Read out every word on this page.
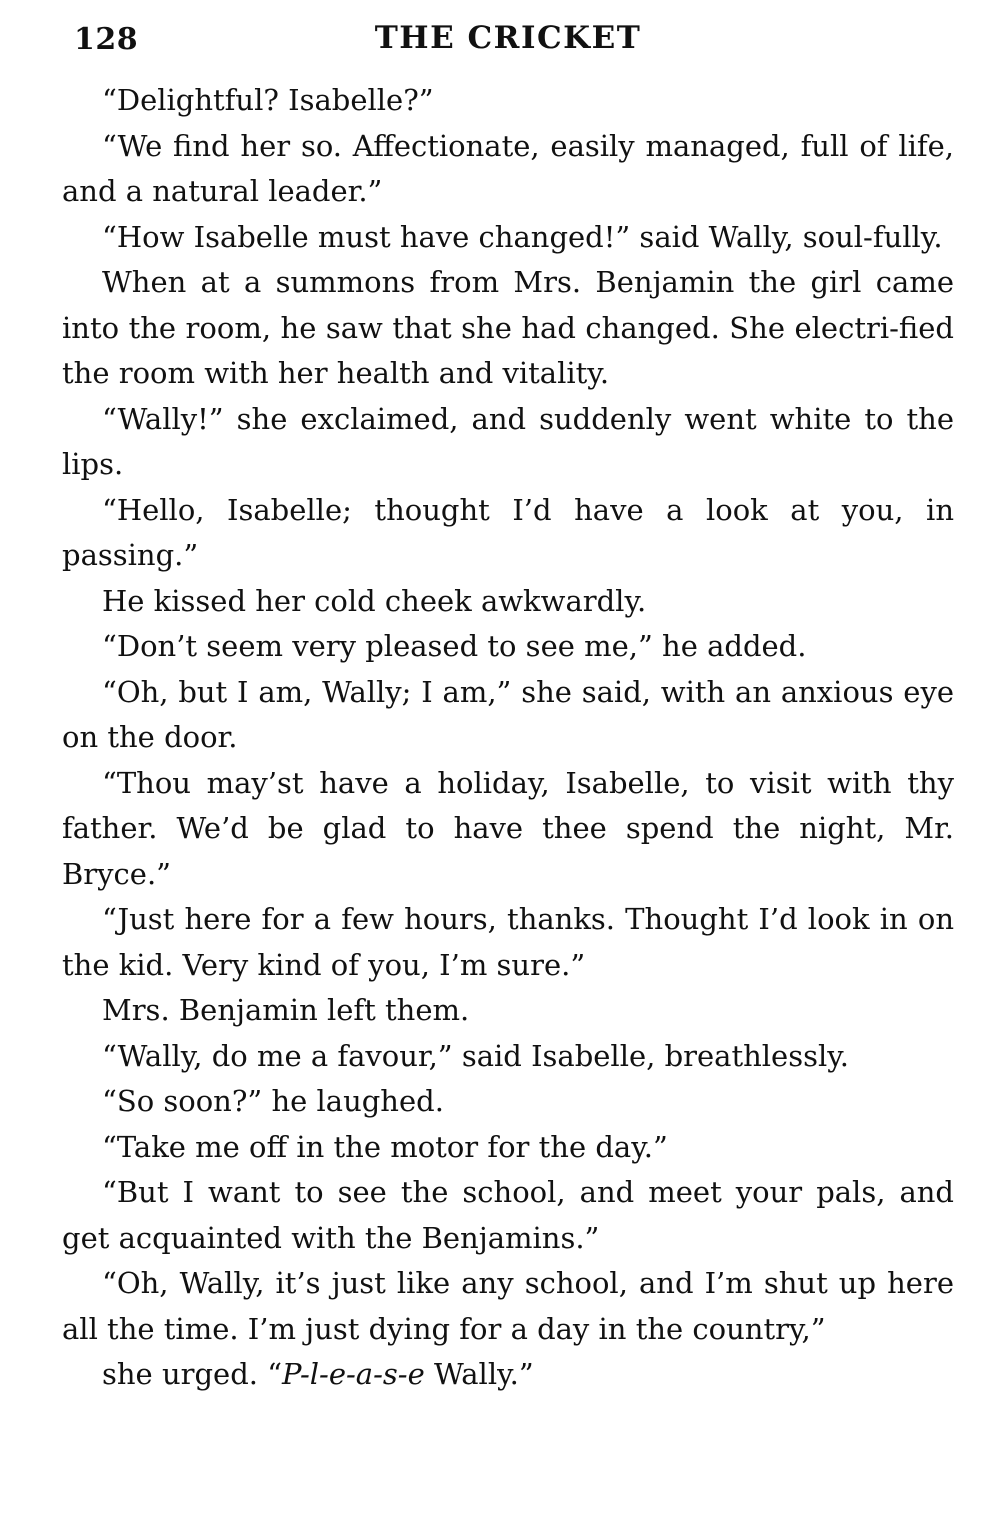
128	THE CRICKET

“Delightful? Isabelle?”

“We find her so. Affectionate, easily managed, full of life, and a natural leader.”

“How Isabelle must have changed!” said Wally, soul-fully.

When at a summons from Mrs. Benjamin the girl came into the room, he saw that she had changed. She electri-fied the room with her health and vitality.

“Wally!” she exclaimed, and suddenly went white to the lips.

“Hello, Isabelle; thought I’d have a look at you, in passing.”

He kissed her cold cheek awkwardly.

“Don’t seem very pleased to see me,” he added.

“Oh, but I am, Wally; I am,” she said, with an anxious eye on the door.

“Thou may’st have a holiday, Isabelle, to visit with thy father. We’d be glad to have thee spend the night, Mr. Bryce.”

“Just here for a few hours, thanks. Thought I’d look in on the kid. Very kind of you, I’m sure.”

Mrs. Benjamin left them.

“Wally, do me a favour,” said Isabelle, breathlessly.

“So soon?” he laughed.

“Take me off in the motor for the day.”

“But I want to see the school, and meet your pals, and get acquainted with the Benjamins.”

“Oh, Wally, it’s just like any school, and I’m shut up here all the time. I’m just dying for a day in the country,”

she urged. “P-l-e-a-s-e Wally.”
